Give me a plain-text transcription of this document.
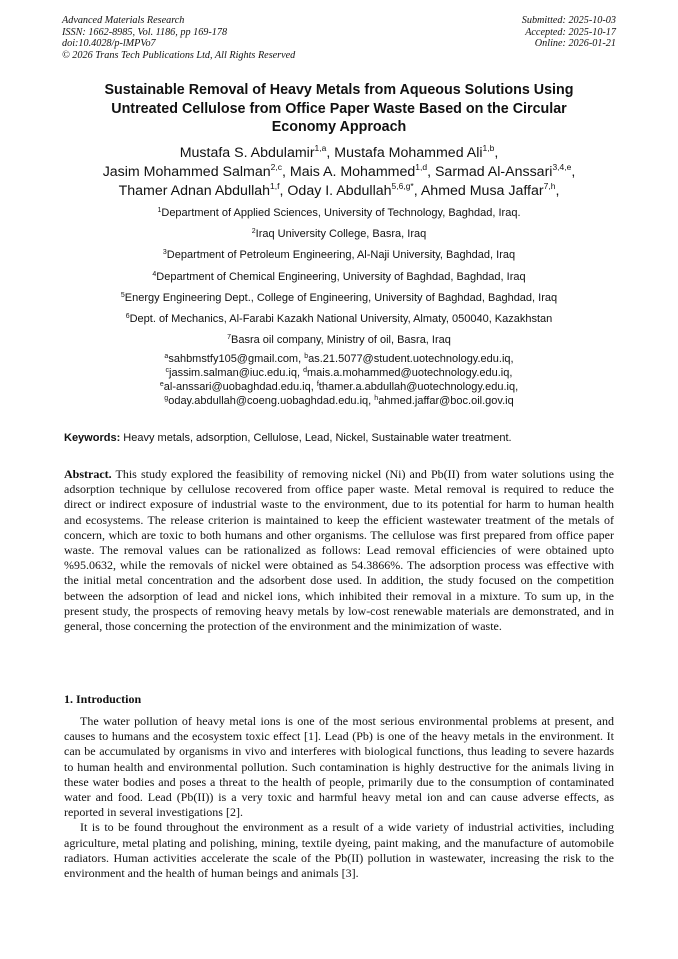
Advanced Materials Research
ISSN: 1662-8985, Vol. 1186, pp 169-178
doi:10.4028/p-lMPVo7
© 2026 Trans Tech Publications Ltd, All Rights Reserved
Submitted: 2025-10-03
Accepted: 2025-10-17
Online: 2026-01-21
Sustainable Removal of Heavy Metals from Aqueous Solutions Using
Untreated Cellulose from Office Paper Waste Based on the Circular
Economy Approach
Mustafa S. Abdulamir$^{1,a}$, Mustafa Mohammed Ali$^{1,b}$,
Jasim Mohammed Salman$^{2,c}$, Mais A. Mohammed$^{1,d}$, Sarmad Al-Anssari$^{3,4,e}$,
Thamer Adnan Abdullah$^{1,f}$, Oday I. Abdullah$^{5,6,g*}$, Ahmed Musa Jaffar$^{7,h}$,
$^1$Department of Applied Sciences, University of Technology, Baghdad, Iraq.
$^2$Iraq University College, Basra, Iraq
$^3$Department of Petroleum Engineering, Al-Naji University, Baghdad, Iraq
$^4$Department of Chemical Engineering, University of Baghdad, Baghdad, Iraq
$^5$Energy Engineering Dept., College of Engineering, University of Baghdad, Baghdad, Iraq
$^6$Dept. of Mechanics, Al-Farabi Kazakh National University, Almaty, 050040, Kazakhstan
$^7$Basra oil company, Ministry of oil, Basra, Iraq
$^a$sahbmstfy105@gmail.com, $^b$as.21.5077@student.uotechnology.edu.iq,
$^c$jassim.salman@iuc.edu.iq, $^d$mais.a.mohammed@uotechnology.edu.iq,
$^e$al-anssari@uobaghdad.edu.iq, $^f$thamer.a.abdullah@uotechnology.edu.iq,
$^g$oday.abdullah@coeng.uobaghdad.edu.iq, $^h$ahmed.jaffar@boc.oil.gov.iq
Keywords: Heavy metals, adsorption, Cellulose, Lead, Nickel, Sustainable water treatment.
Abstract. This study explored the feasibility of removing nickel (Ni) and Pb(II) from water solutions using the adsorption technique by cellulose recovered from office paper waste. Metal removal is required to reduce the direct or indirect exposure of industrial waste to the environment, due to its potential for harm to human health and ecosystems. The release criterion is maintained to keep the efficient wastewater treatment of the metals of concern, which are toxic to both humans and other organisms. The cellulose was first prepared from office paper waste. The removal values can be rationalized as follows: Lead removal efficiencies of were obtained upto %95.0632, while the removals of nickel were obtained as 54.3866%. The adsorption process was effective with the initial metal concentration and the adsorbent dose used. In addition, the study focused on the competition between the adsorption of lead and nickel ions, which inhibited their removal in a mixture. To sum up, in the present study, the prospects of removing heavy metals by low-cost renewable materials are demonstrated, and in general, those concerning the protection of the environment and the minimization of waste.
1. Introduction

The water pollution of heavy metal ions is one of the most serious environmental problems at present, and causes to humans and the ecosystem toxic effect [1]. Lead (Pb) is one of the heavy metals in the environment. It can be accumulated by organisms in vivo and interferes with biological functions, thus leading to severe hazards to human health and environmental pollution. Such contamination is highly destructive for the animals living in these water bodies and poses a threat to the health of people, primarily due to the consumption of contaminated water and food. Lead (Pb(II)) is a very toxic and harmful heavy metal ion and can cause adverse effects, as reported in several investigations [2].

It is to be found throughout the environment as a result of a wide variety of industrial activities, including agriculture, metal plating and polishing, mining, textile dyeing, paint making, and the manufacture of automobile radiators. Human activities accelerate the scale of the Pb(II) pollution in wastewater, increasing the risk to the environment and the health of human beings and animals [3].
